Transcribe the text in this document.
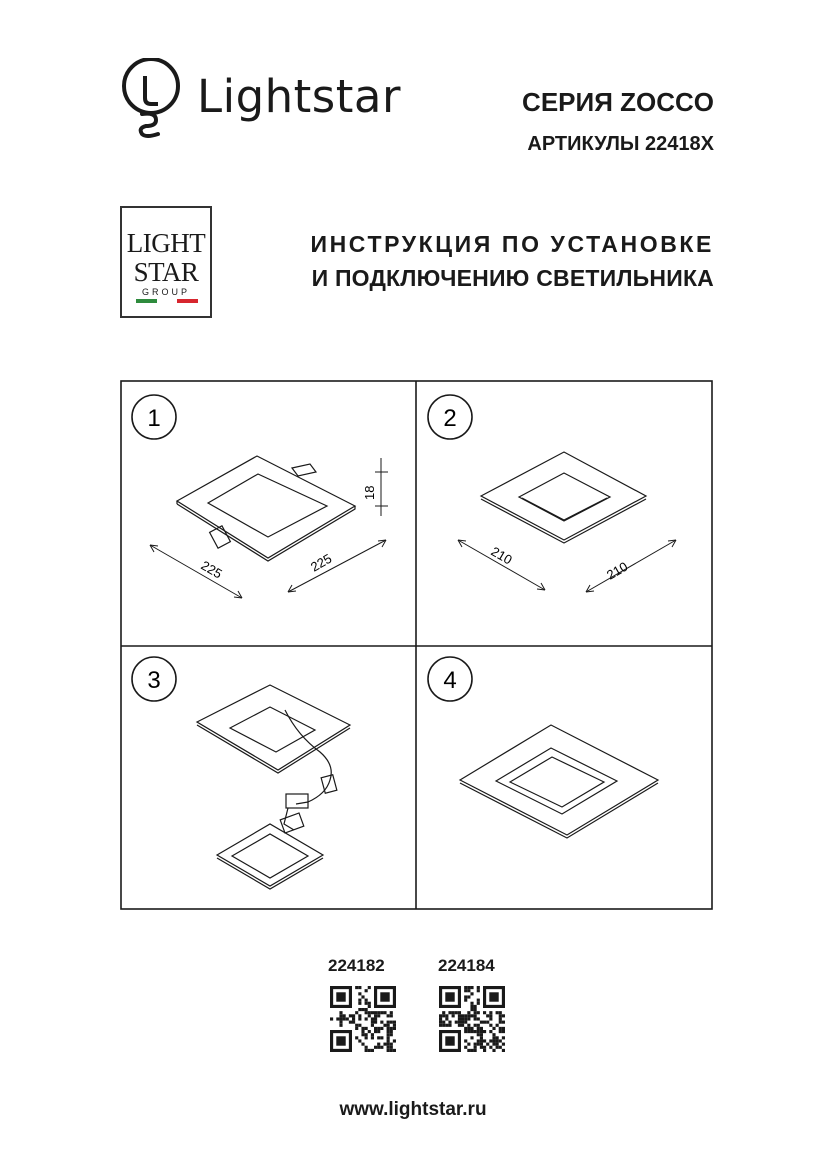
Lightstar	СЕРИЯ ZOCCO
АРТИКУЛЫ 22418Х
LIGHT
STAR
GROUP
ИНСТРУКЦИЯ ПО УСТАНОВКЕ
И ПОДКЛЮЧЕНИЮ СВЕТИЛЬНИКА
1
225	225
18
2
210
210
3	4
224182	224184
www.lightstar.ru
